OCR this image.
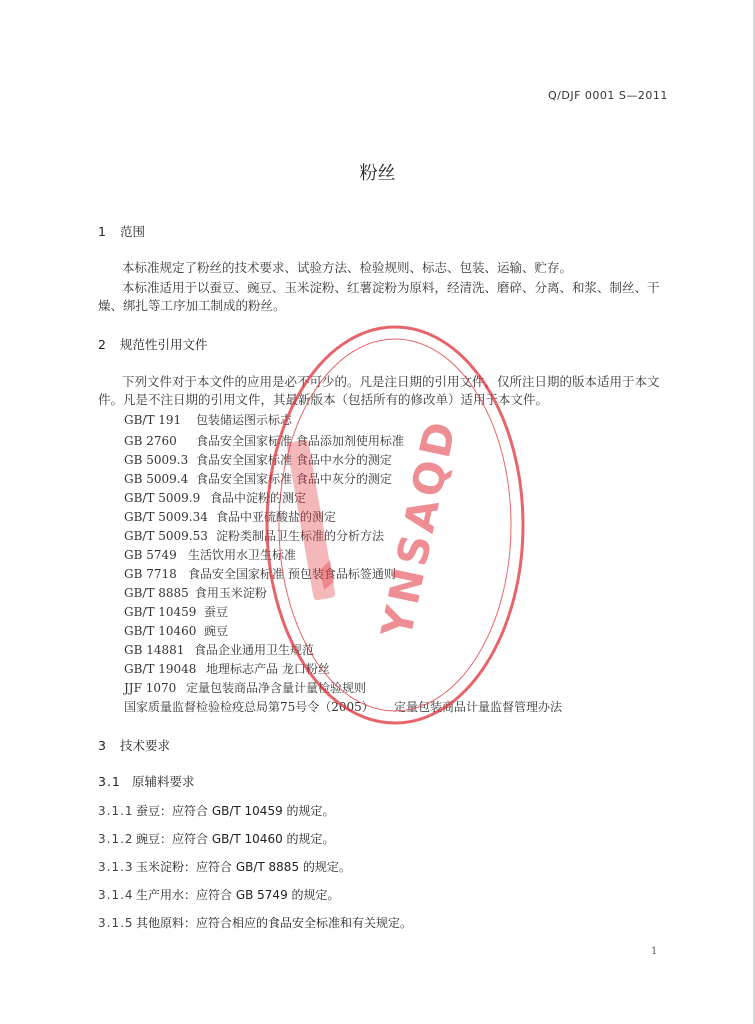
Q/DJF 0001 S—2011
粉丝
1 范围
本标准规定了粉丝的技术要求、试验方法、检验规则、标志、包装、运输、贮存。
本标准适用于以蚕豆、豌豆、玉米淀粉、红薯淀粉为原料，经清洗、磨碎、分离、和浆、制丝、干
燥、绑扎等工序加工制成的粉丝。
2 规范性引用文件
下列文件对于本文件的应用是必不可少的。凡是注日期的引用文件，仅所注日期的版本适用于本文
件。凡是不注日期的引用文件，其最新版本（包括所有的修改单）适用于本文件。
GB/T 191 包装储运图示标志
GB 2760 食品安全国家标准 食品添加剂使用标准
GB 5009.3 食品安全国家标准 食品中水分的测定
GB 5009.4 食品安全国家标准 食品中灰分的测定
GB/T 5009.9 食品中淀粉的测定
GB/T 5009.34 食品中亚硫酸盐的测定
GB/T 5009.53 淀粉类制品卫生标准的分析方法
GB 5749 生活饮用水卫生标准
GB 7718 食品安全国家标准 预包装食品标签通则
GB/T 8885 食用玉米淀粉
GB/T 10459 蚕豆
GB/T 10460 豌豆
GB 14881 食品企业通用卫生规范
GB/T 19048 地理标志产品 龙口粉丝
JJF 1070 定量包装商品净含量计量检验规则
国家质量监督检验检疫总局第75号令（2005） 定量包装商品计量监督管理办法
3 技术要求
3.1 原辅料要求
3.1.1 蚕豆：应符合 GB/T 10459 的规定。
3.1.2 豌豆：应符合 GB/T 10460 的规定。
3.1.3 玉米淀粉：应符合 GB/T 8885 的规定。
3.1.4 生产用水：应符合 GB 5749 的规定。
3.1.5 其他原料：应符合相应的食品安全标准和有关规定。
YNSAQD
1
